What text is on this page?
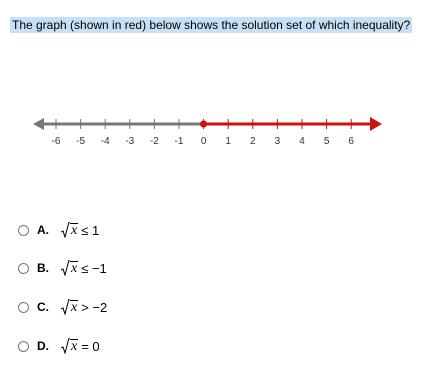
The graph (shown in red) below shows the solution set of which inequality?
-6 -5 -4 -3 -2 -1 0 1 2 3 4 5 6
A.	x ≤ 1
B.	x ≤ −1
C.	x > −2
D.	x = 0
